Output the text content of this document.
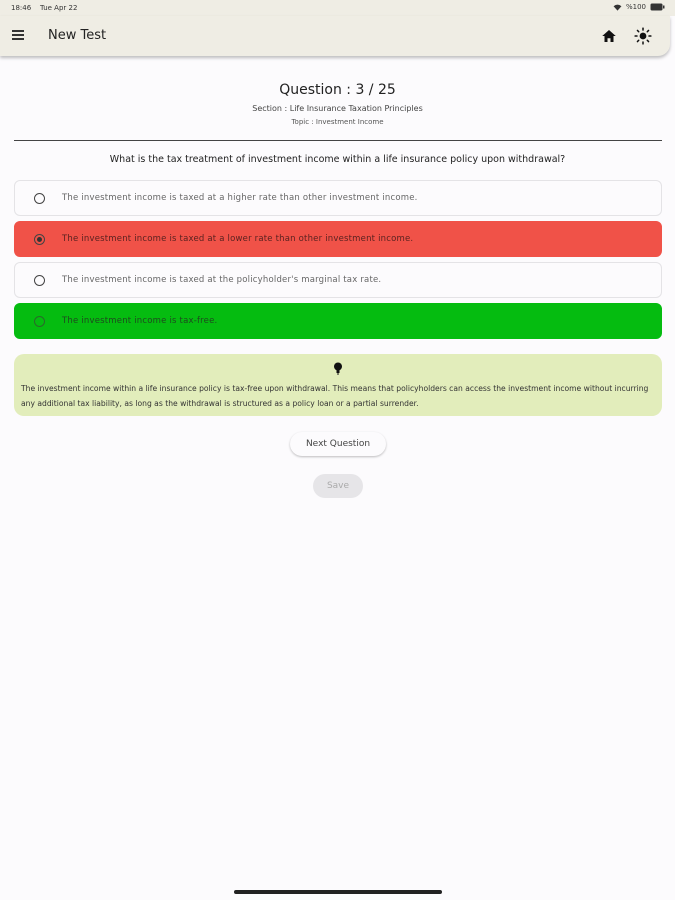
18:46 Tue Apr 22	%100
New Test
Question : 3 / 25
Section : Life Insurance Taxation Principles
Topic : Investment Income
What is the tax treatment of investment income within a life insurance policy upon withdrawal?
The investment income is taxed at a higher rate than other investment income.
The investment income is taxed at a lower rate than other investment income.
The investment income is taxed at the policyholder's marginal tax rate.
The investment income is tax-free.
The investment income within a life insurance policy is tax-free upon withdrawal. This means that policyholders can access the investment income without incurring any additional tax liability, as long as the withdrawal is structured as a policy loan or a partial surrender.
Next Question
Save
